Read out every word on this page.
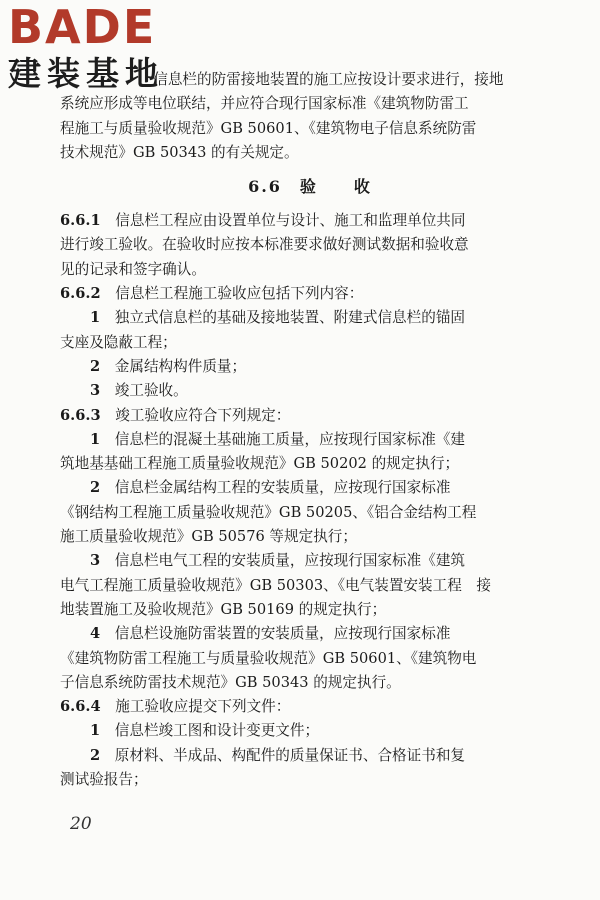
BADE
建装基地
　信息栏的防雷接地装置的施工应按设计要求进行，接地
系统应形成等电位联结，并应符合现行国家标准《建筑物防雷工
程施工与质量验收规范》GB 50601、《建筑物电子信息系统防雷
技术规范》GB 50343 的有关规定。
6.6　验　　收
6.6.1　 信息栏工程应由设置单位与设计、施工和监理单位共同
进行竣工验收。在验收时应按本标准要求做好测试数据和验收意
见的记录和签字确认。
6.6.2　 信息栏工程施工验收应包括下列内容：
1　 独立式信息栏的基础及接地装置、附建式信息栏的锚固
支座及隐蔽工程；
2　 金属结构构件质量；
3　 竣工验收。
6.6.3　 竣工验收应符合下列规定：
1　 信息栏的混凝土基础施工质量，应按现行国家标准《建
筑地基基础工程施工质量验收规范》GB 50202 的规定执行；
2　 信息栏金属结构工程的安装质量，应按现行国家标准
《钢结构工程施工质量验收规范》GB 50205、《铝合金结构工程
施工质量验收规范》GB 50576 等规定执行；
3　 信息栏电气工程的安装质量，应按现行国家标准《建筑
电气工程施工质量验收规范》GB 50303、《电气装置安装工程　接
地装置施工及验收规范》GB 50169 的规定执行；
4　 信息栏设施防雷装置的安装质量，应按现行国家标准
《建筑物防雷工程施工与质量验收规范》GB 50601、《建筑物电
子信息系统防雷技术规范》GB 50343 的规定执行。
6.6.4　 施工验收应提交下列文件：
1　 信息栏竣工图和设计变更文件；
2　 原材料、半成品、构配件的质量保证书、合格证书和复
测试验报告；
20
